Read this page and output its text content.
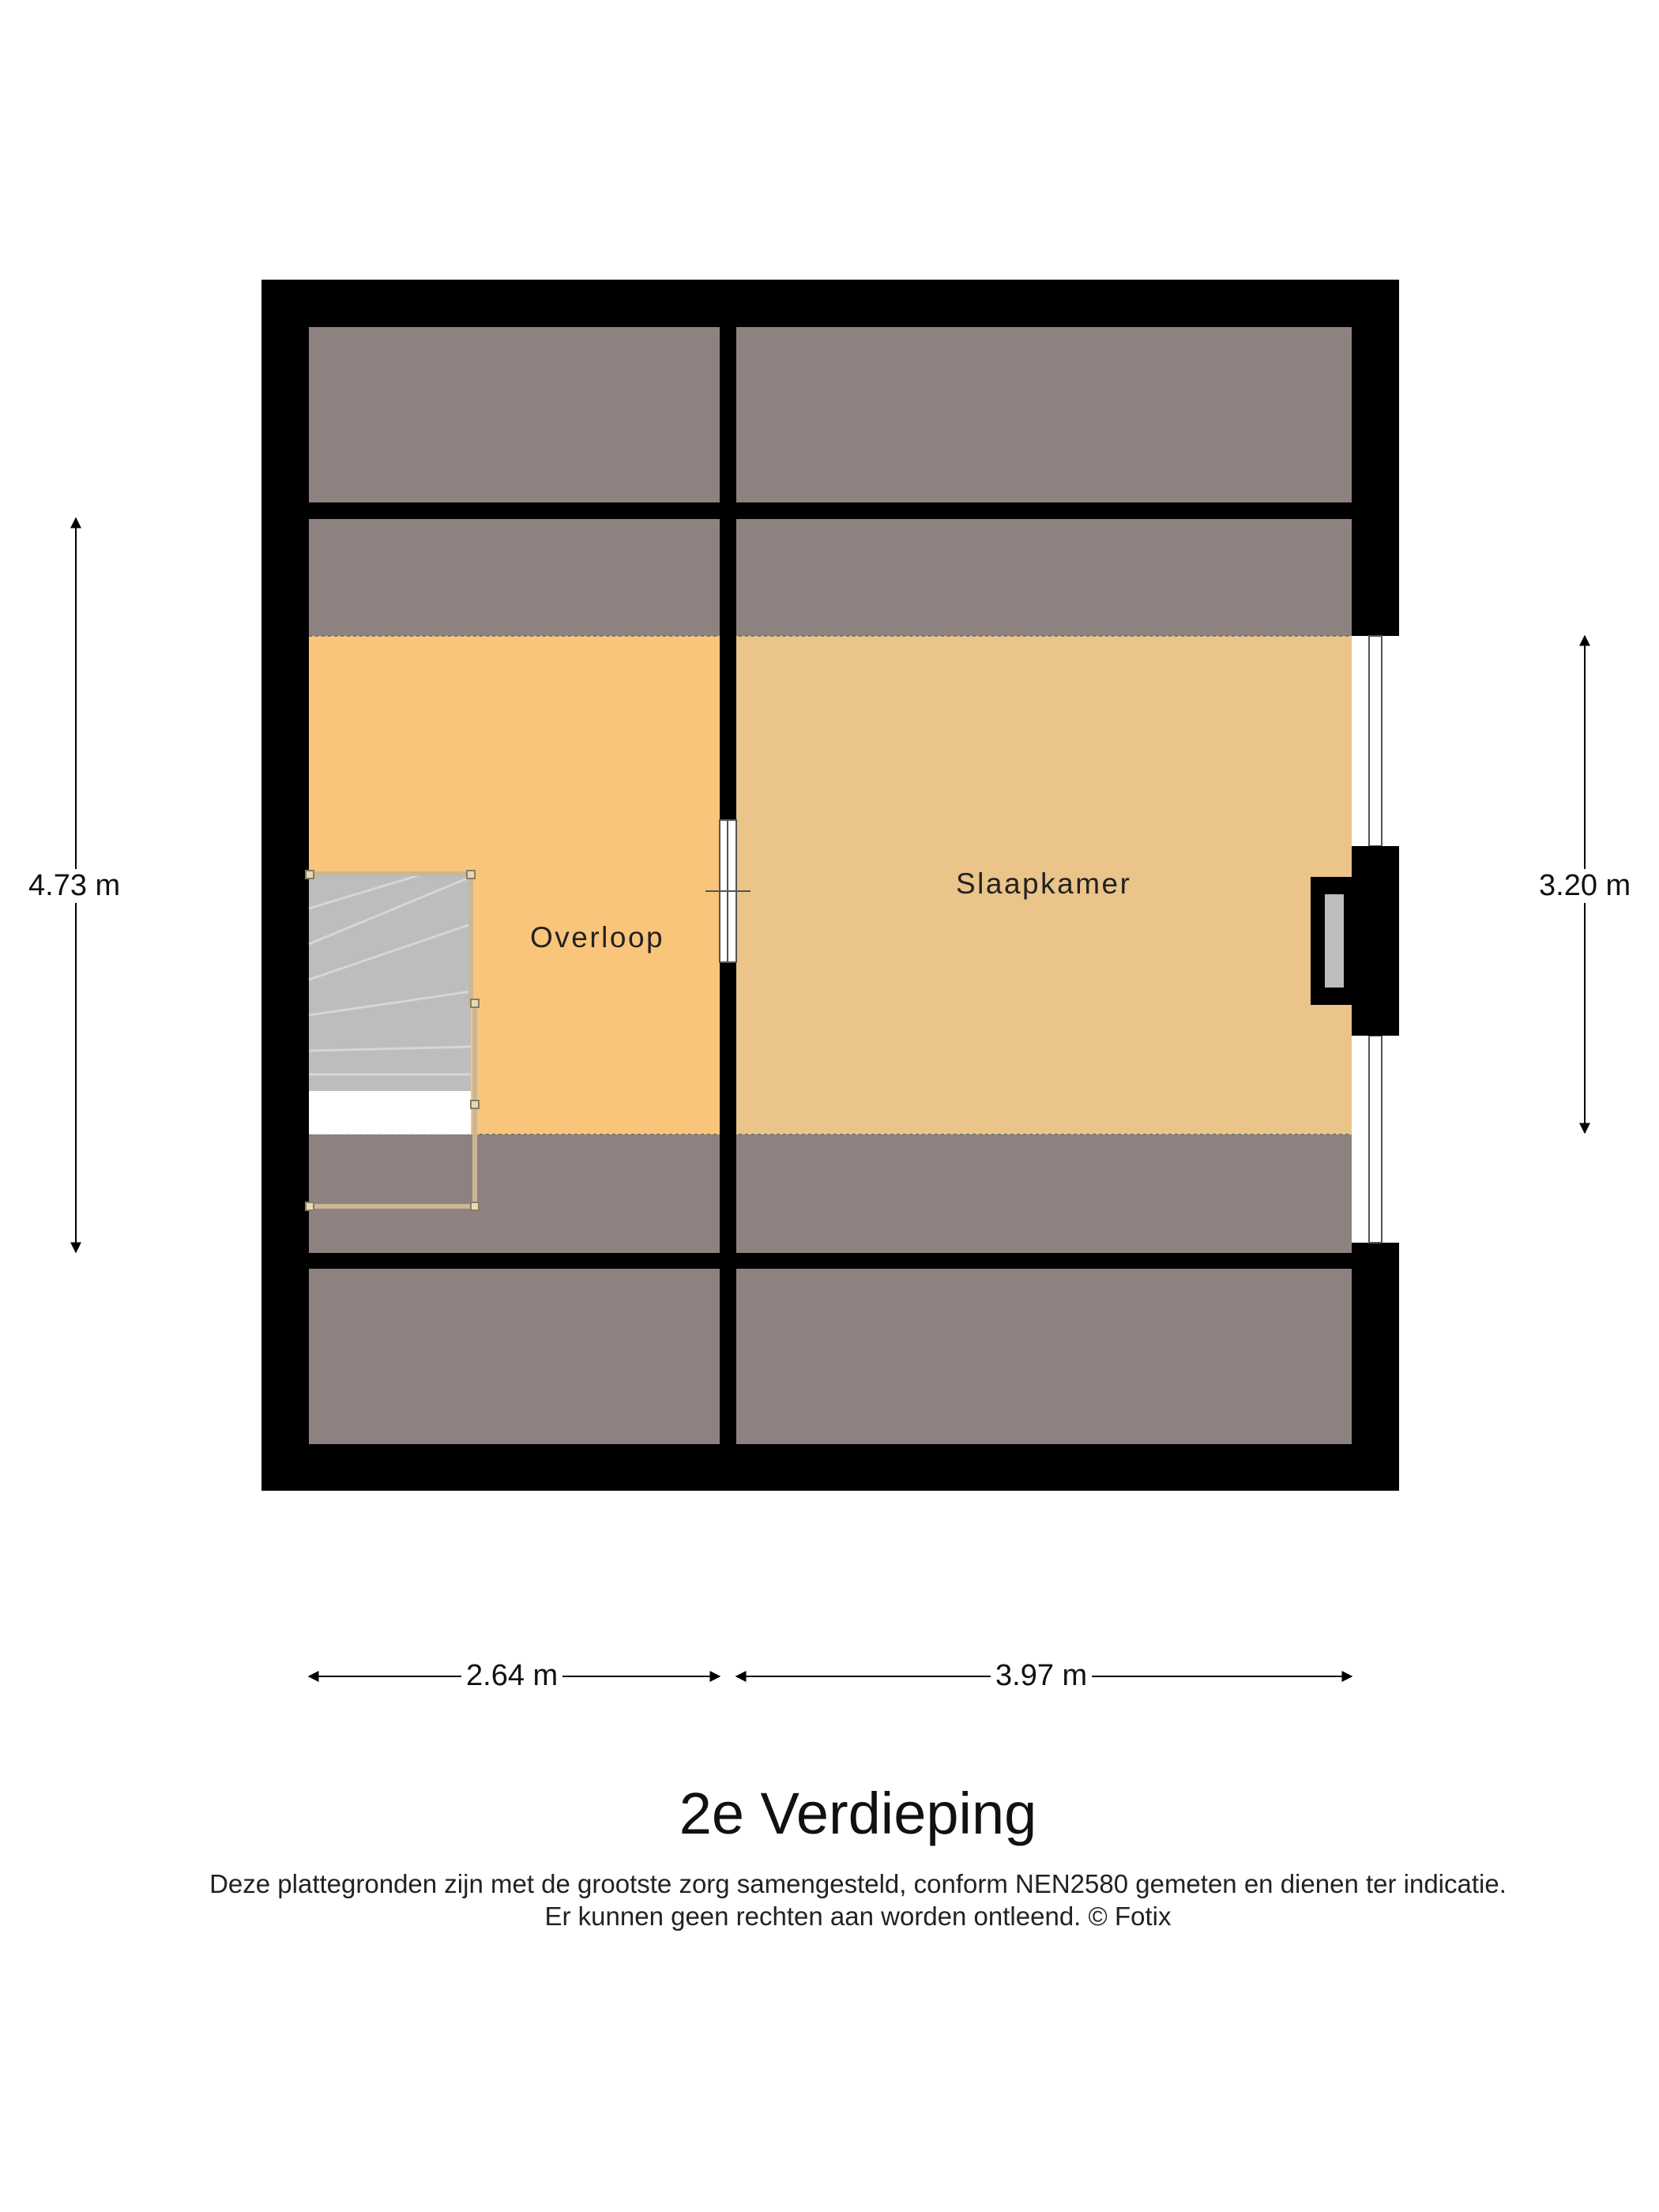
Overloop
Slaapkamer
4.73 m	3.20 m
2.64 m	3.97 m
2e Verdieping
Deze plattegronden zijn met de grootste zorg samengesteld, conform NEN2580 gemeten en dienen ter indicatie.
Er kunnen geen rechten aan worden ontleend. © Fotix
